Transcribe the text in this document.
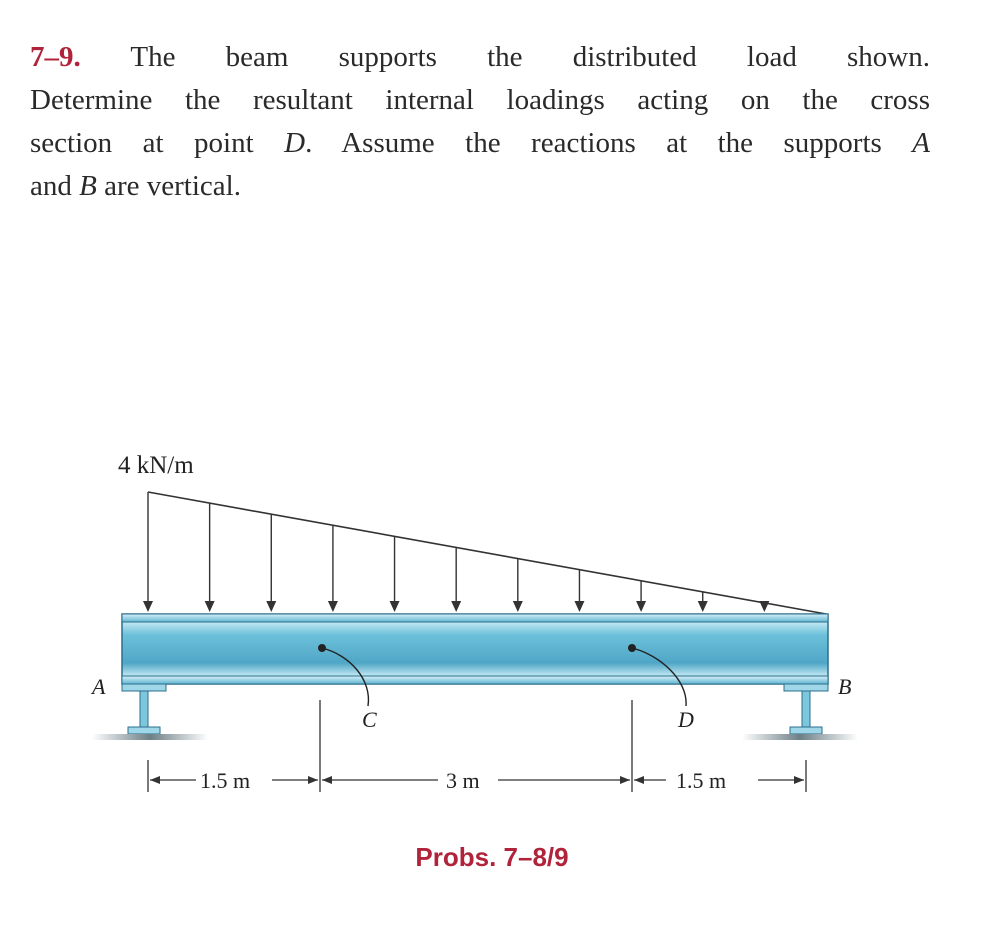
7–9. The beam supports the distributed load shown.
Determine the resultant internal loadings acting on the cross
section at point D. Assume the reactions at the supports A
and B are vertical.
4 kN/m
C	D
A	B
1.5 m	3 m	1.5 m
Probs. 7–8/9
